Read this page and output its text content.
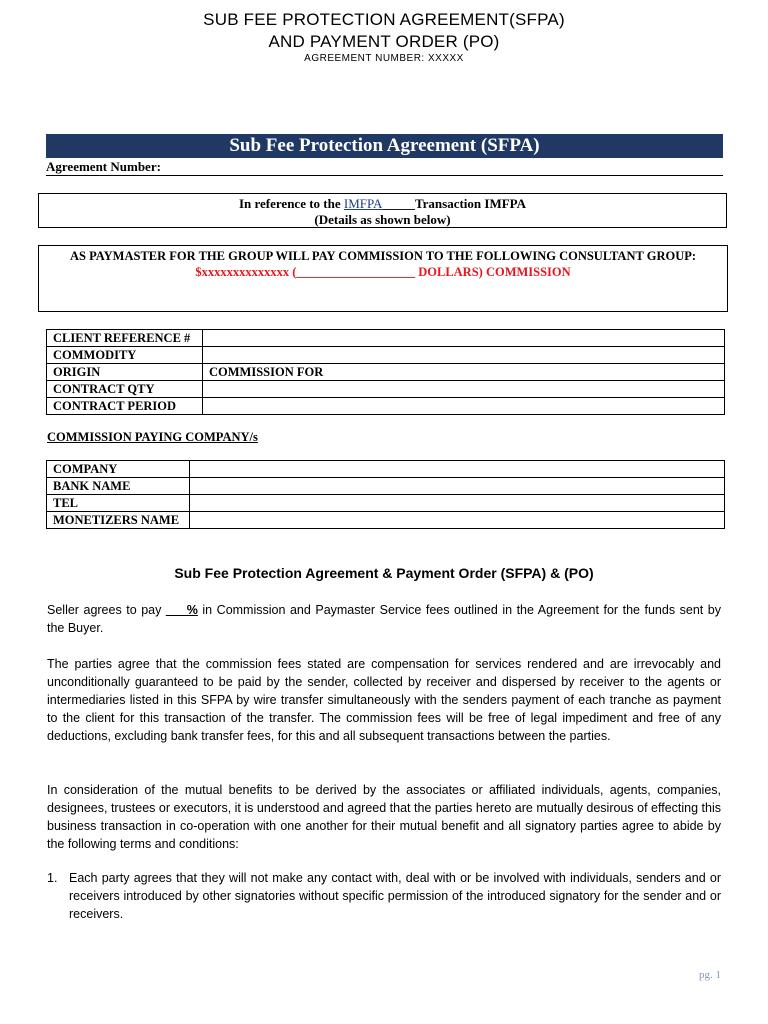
SUB FEE PROTECTION AGREEMENT(SFPA)
AND PAYMENT ORDER (PO)
AGREEMENT NUMBER: XXXXX
Sub Fee Protection Agreement (SFPA)
Agreement Number:
In reference to the IMFPA_____Transaction IMFPA
(Details as shown below)
AS PAYMASTER FOR THE GROUP WILL PAY COMMISSION TO THE FOLLOWING CONSULTANT GROUP:
$xxxxxxxxxxxxxx (___________________ DOLLARS) COMMISSION
CLIENT REFERENCE #	
COMMODITY	
ORIGIN	COMMISSION FOR
CONTRACT QTY	
CONTRACT PERIOD	
COMMISSION PAYING COMPANY/s
COMPANY	
BANK NAME	
TEL	
MONETIZERS NAME	
Sub Fee Protection Agreement & Payment Order (SFPA) & (PO)
Seller agrees to pay ___% in Commission and Paymaster Service fees outlined in the Agreement for the funds sent by the Buyer.
The parties agree that the commission fees stated are compensation for services rendered and are irrevocably and unconditionally guaranteed to be paid by the sender, collected by receiver and dispersed by receiver to the agents or intermediaries listed in this SFPA by wire transfer simultaneously with the senders payment of each tranche as payment to the client for this transaction of the transfer. The commission fees will be free of legal impediment and free of any deductions, excluding bank transfer fees, for this and all subsequent transactions between the parties.
In consideration of the mutual benefits to be derived by the associates or affiliated individuals, agents, companies, designees, trustees or executors, it is understood and agreed that the parties hereto are mutually desirous of effecting this business transaction in co-operation with one another for their mutual benefit and all signatory parties agree to abide by the following terms and conditions:
1. Each party agrees that they will not make any contact with, deal with or be involved with individuals, senders and or receivers introduced by other signatories without specific permission of the introduced signatory for the sender and or receivers.
pg. 1
